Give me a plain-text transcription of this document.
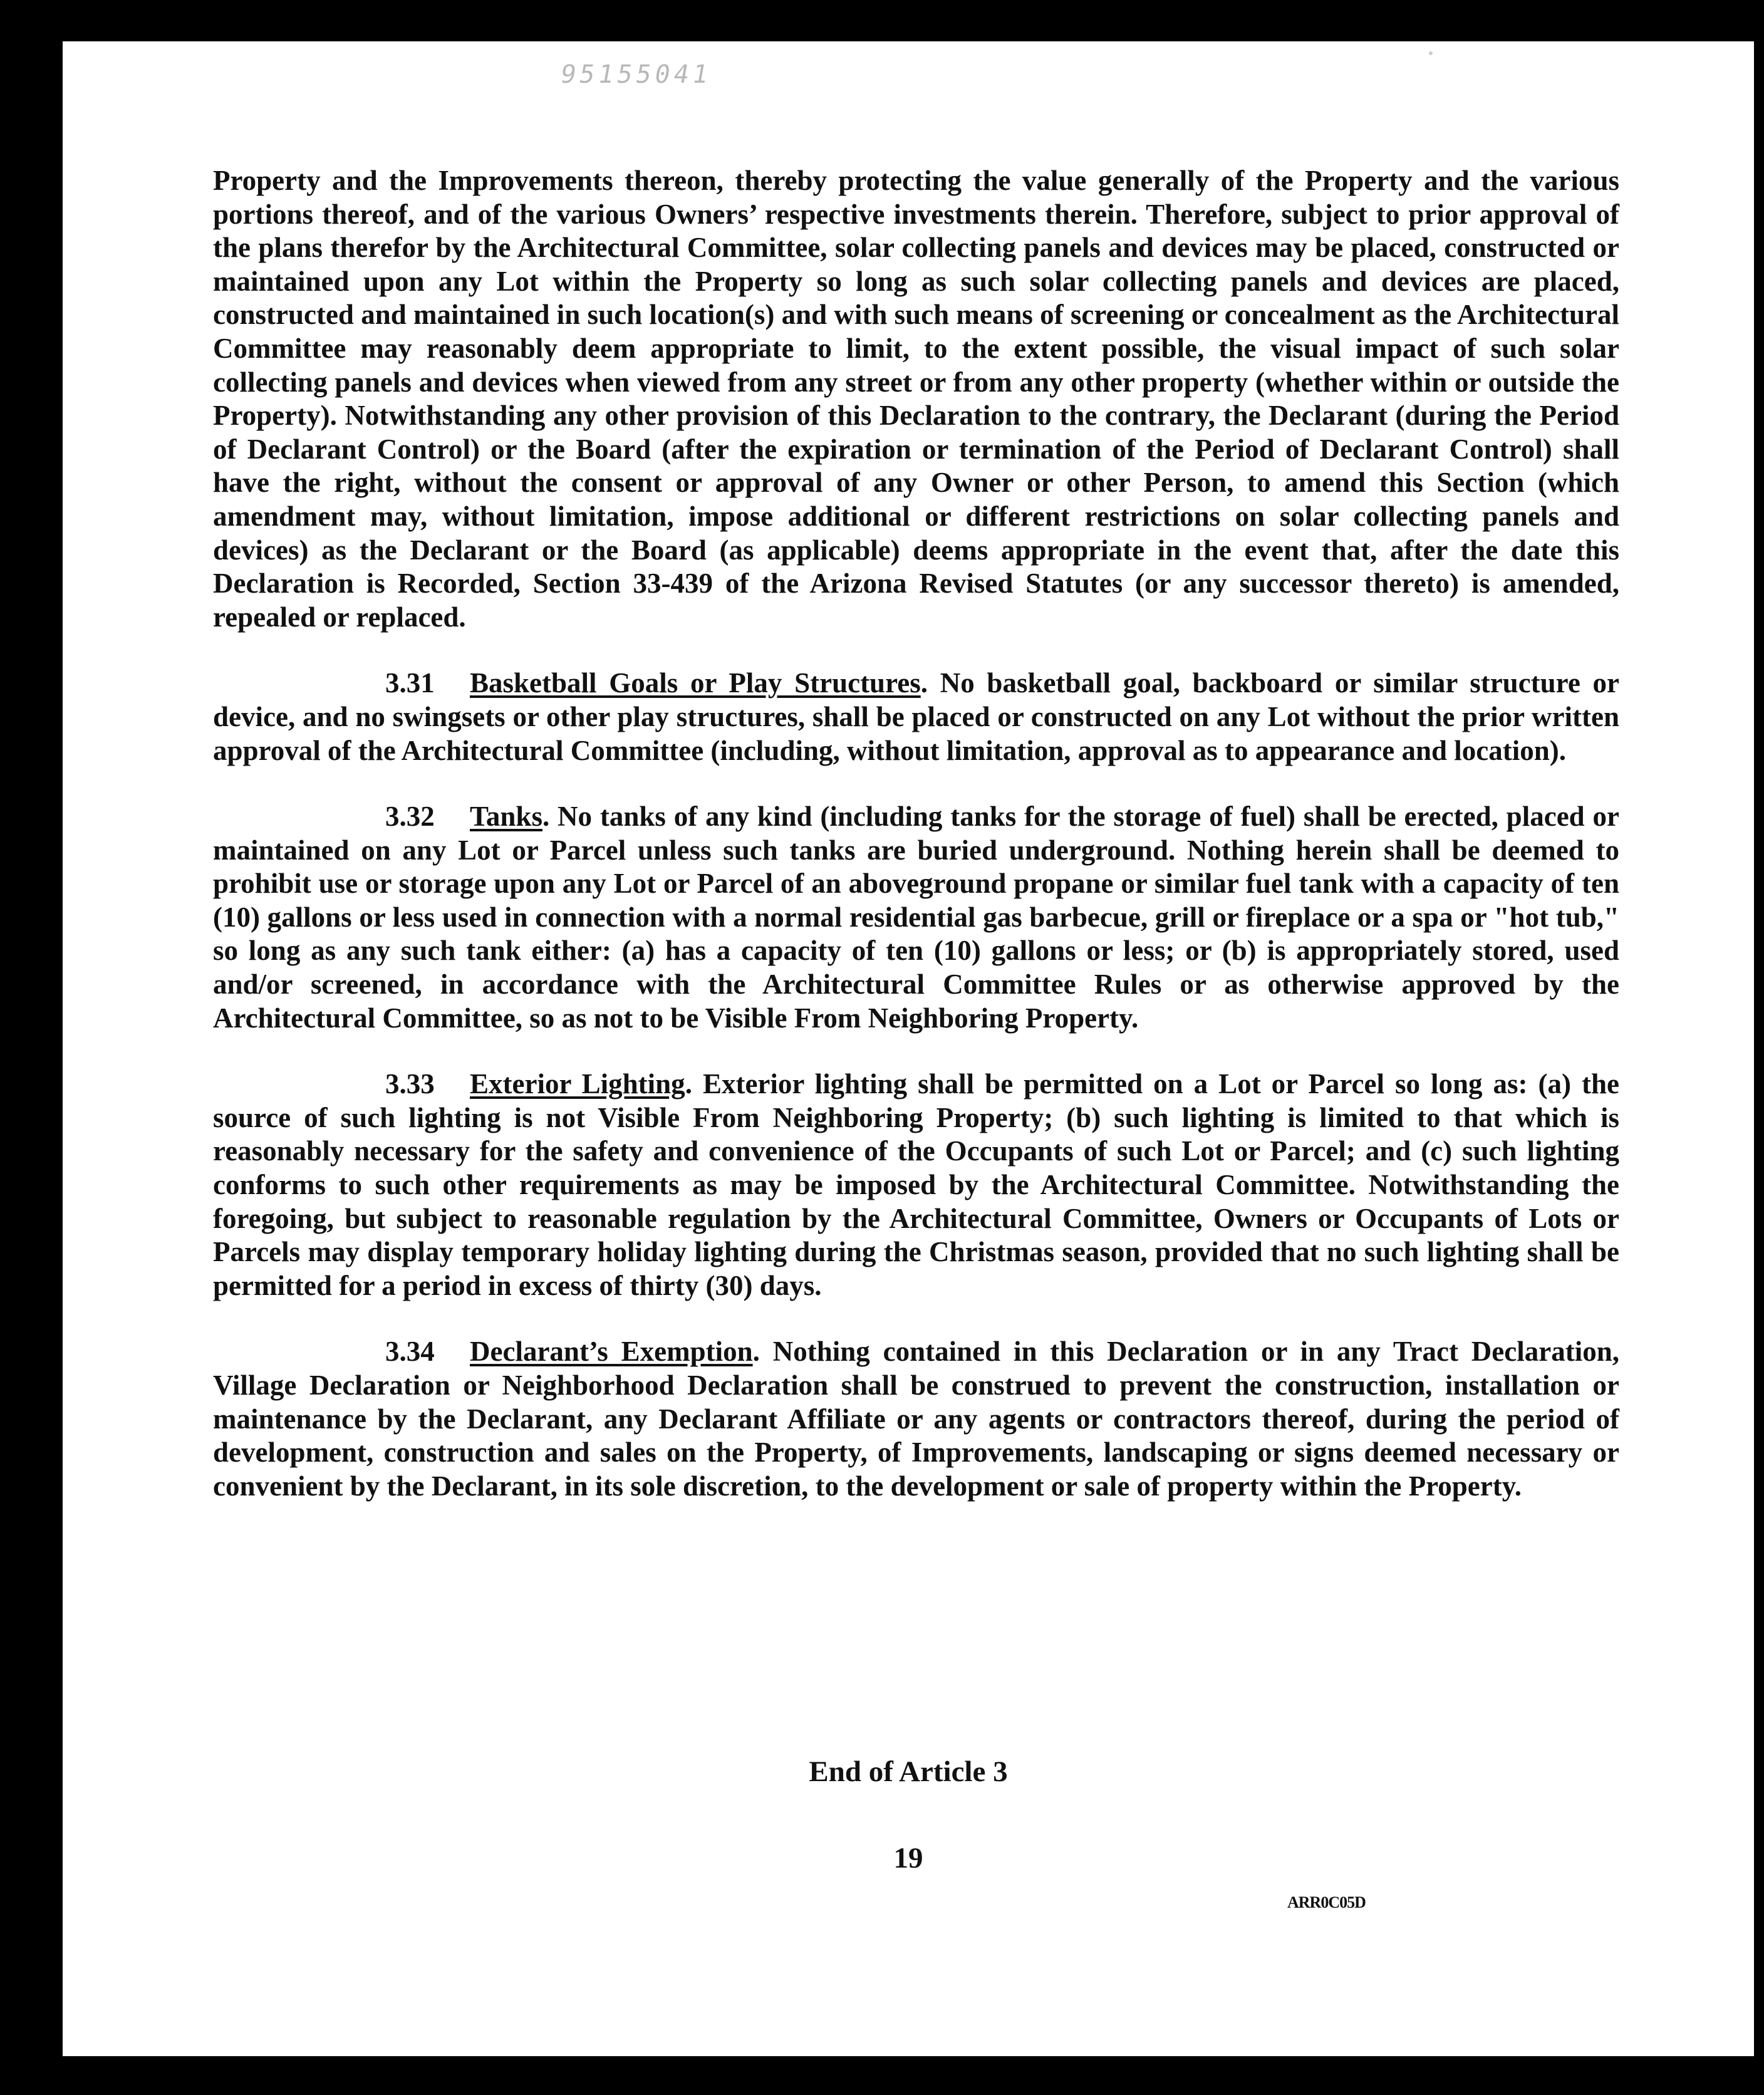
95155041

Property and the Improvements thereon, thereby protecting the value generally of the Property and the various portions thereof, and of the various Owners’ respective investments therein. Therefore, subject to prior approval of the plans therefor by the Architectural Committee, solar collecting panels and devices may be placed, constructed or maintained upon any Lot within the Property so long as such solar collecting panels and devices are placed, constructed and maintained in such location(s) and with such means of screening or concealment as the Architectural Committee may reasonably deem appropriate to limit, to the extent possible, the visual impact of such solar collecting panels and devices when viewed from any street or from any other property (whether within or outside the Property). Notwithstanding any other provision of this Declaration to the contrary, the Declarant (during the Period of Declarant Control) or the Board (after the expiration or termination of the Period of Declarant Control) shall have the right, without the consent or approval of any Owner or other Person, to amend this Section (which amendment may, without limitation, impose additional or different restrictions on solar collecting panels and devices) as the Declarant or the Board (as applicable) deems appropriate in the event that, after the date this Declaration is Recorded, Section 33-439 of the Arizona Revised Statutes (or any successor thereto) is amended, repealed or replaced.

3.31 Basketball Goals or Play Structures. No basketball goal, backboard or similar structure or device, and no swingsets or other play structures, shall be placed or constructed on any Lot without the prior written approval of the Architectural Committee (including, without limitation, approval as to appearance and location).

3.32 Tanks. No tanks of any kind (including tanks for the storage of fuel) shall be erected, placed or maintained on any Lot or Parcel unless such tanks are buried underground. Nothing herein shall be deemed to prohibit use or storage upon any Lot or Parcel of an aboveground propane or similar fuel tank with a capacity of ten (10) gallons or less used in connection with a normal residential gas barbecue, grill or fireplace or a spa or "hot tub," so long as any such tank either: (a) has a capacity of ten (10) gallons or less; or (b) is appropriately stored, used and/or screened, in accordance with the Architectural Committee Rules or as otherwise approved by the Architectural Committee, so as not to be Visible From Neighboring Property.

3.33 Exterior Lighting. Exterior lighting shall be permitted on a Lot or Parcel so long as: (a) the source of such lighting is not Visible From Neighboring Property; (b) such lighting is limited to that which is reasonably necessary for the safety and convenience of the Occupants of such Lot or Parcel; and (c) such lighting conforms to such other requirements as may be imposed by the Architectural Committee. Notwithstanding the foregoing, but subject to reasonable regulation by the Architectural Committee, Owners or Occupants of Lots or Parcels may display temporary holiday lighting during the Christmas season, provided that no such lighting shall be permitted for a period in excess of thirty (30) days.

3.34 Declarant’s Exemption. Nothing contained in this Declaration or in any Tract Declaration, Village Declaration or Neighborhood Declaration shall be construed to prevent the construction, installation or maintenance by the Declarant, any Declarant Affiliate or any agents or contractors thereof, during the period of development, construction and sales on the Property, of Improvements, landscaping or signs deemed necessary or convenient by the Declarant, in its sole discretion, to the development or sale of property within the Property.

End of Article 3
19
ARR0C05D
